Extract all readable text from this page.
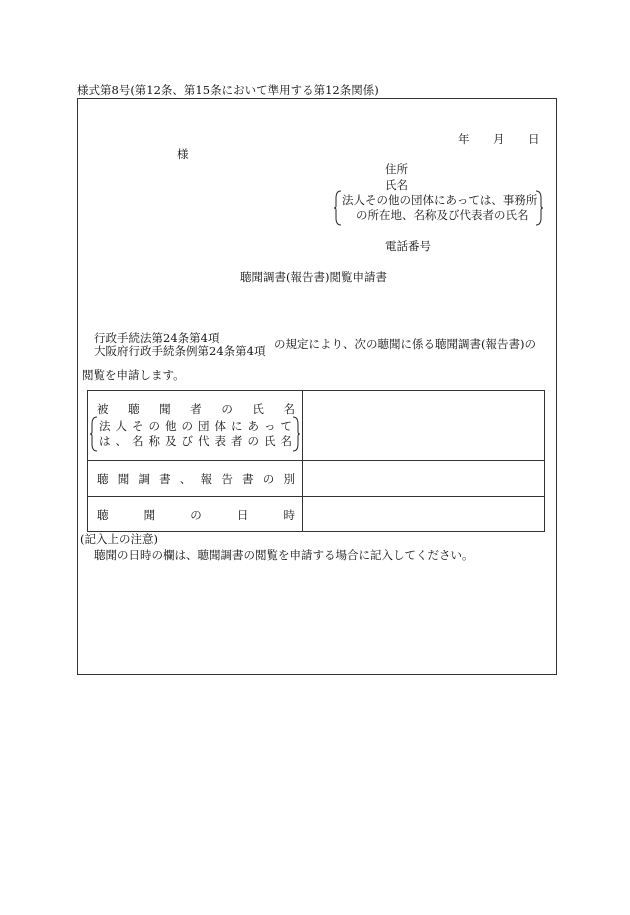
様式第8号(第12条、第15条において準用する第12条関係)
年 月 日
様
住所
氏名
法人その他の団体にあっては、事務所
の所在地、名称及び代表者の氏名
電話番号
聴聞調書(報告書)閲覧申請書
行政手続法第24条第4項
大阪府行政手続条例第24条第4項 の規定により、次の聴聞に係る聴聞調書(報告書)の
閲覧を申請します。
被 聴 聞 者 の 氏 名
法 人 そ の 他 の 団 体 に あ っ て
は 、 名 称 及 び 代 表 者 の 氏 名
聴 聞 調 書 、 報 告 書 の 別
聴	聞	の	日	時
(記入上の注意)
聴聞の日時の欄は、聴聞調書の閲覧を申請する場合に記入してください。
